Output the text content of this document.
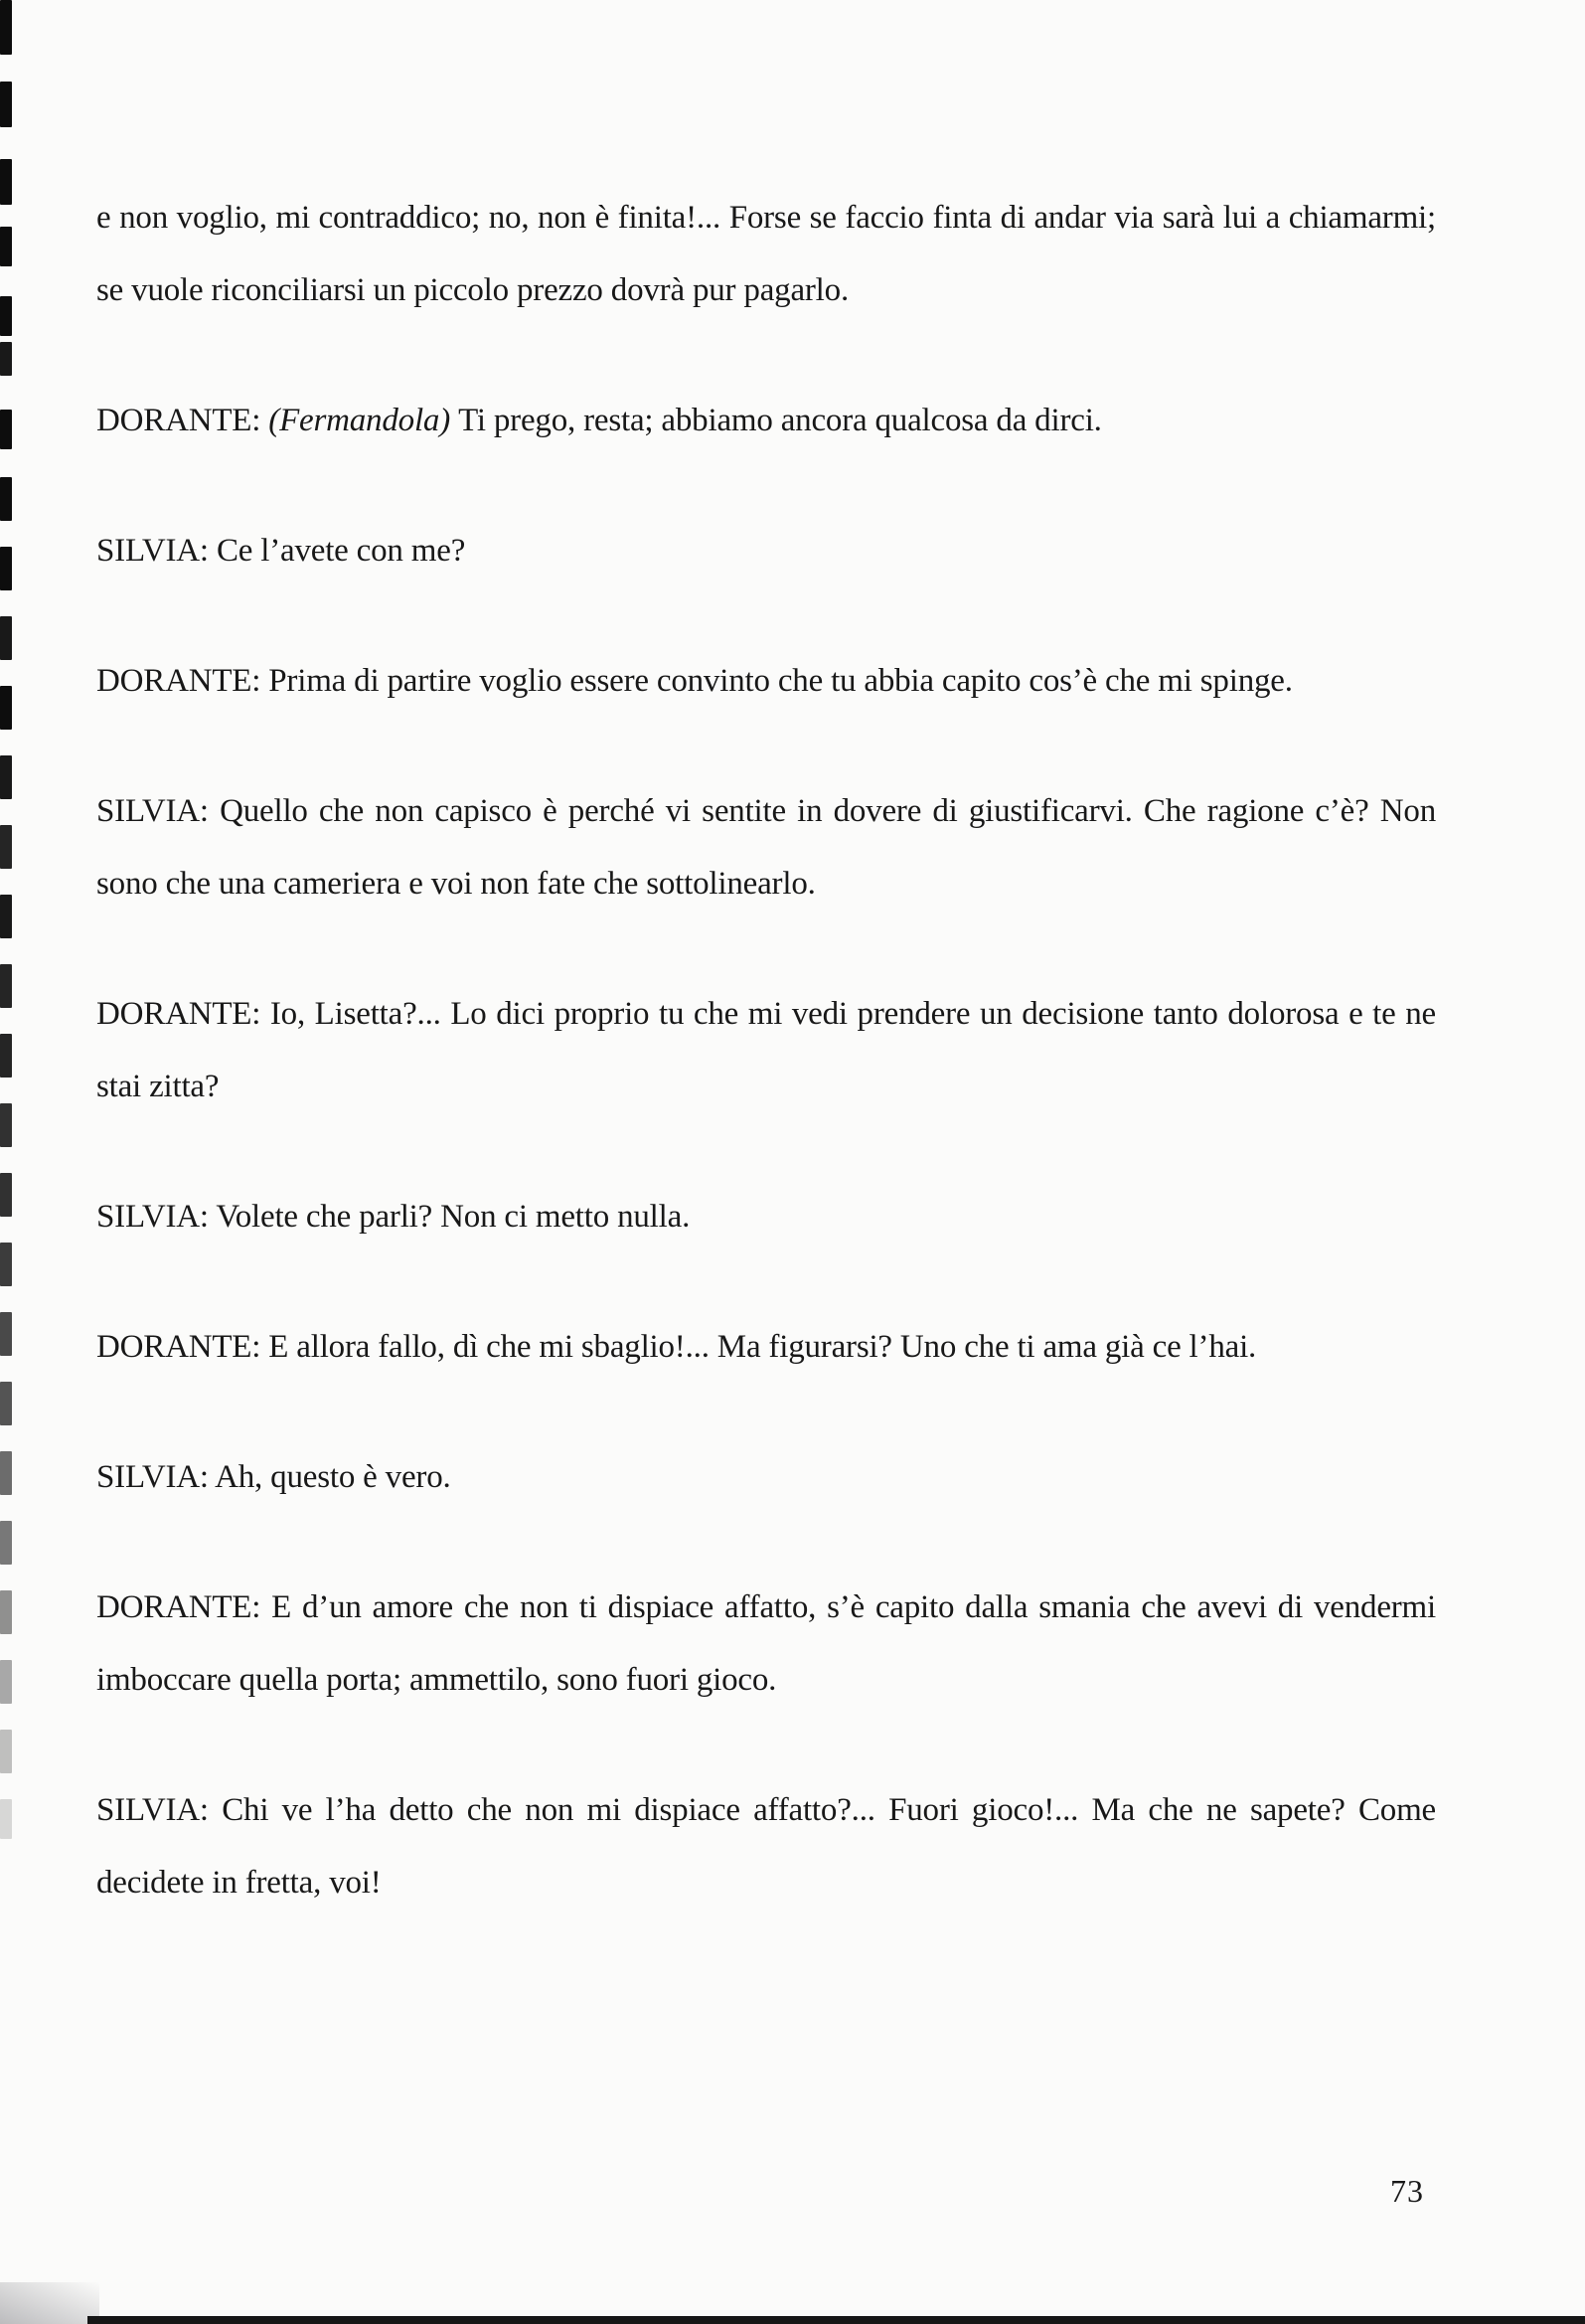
e non voglio, mi contraddico; no, non è finita!... Forse se faccio finta di andar via sarà lui a chiamarmi; se vuole riconciliarsi un piccolo prezzo dovrà pur pagarlo.

DORANTE: (Fermandola) Ti prego, resta; abbiamo ancora qualcosa da dirci.

SILVIA: Ce l’avete con me?

DORANTE: Prima di partire voglio essere convinto che tu abbia capito cos’è che mi spinge.

SILVIA: Quello che non capisco è perché vi sentite in dovere di giustificarvi. Che ragione c’è? Non sono che una cameriera e voi non fate che sottolinearlo.

DORANTE: Io, Lisetta?... Lo dici proprio tu che mi vedi prendere un decisione tanto dolorosa e te ne stai zitta?

SILVIA: Volete che parli? Non ci metto nulla.

DORANTE: E allora fallo, dì che mi sbaglio!... Ma figurarsi? Uno che ti ama già ce l’hai.

SILVIA: Ah, questo è vero.

DORANTE: E d’un amore che non ti dispiace affatto, s’è capito dalla smania che avevi di vendermi imboccare quella porta; ammettilo, sono fuori gioco.

SILVIA: Chi ve l’ha detto che non mi dispiace affatto?... Fuori gioco!... Ma che ne sapete? Come decidete in fretta, voi!

73
